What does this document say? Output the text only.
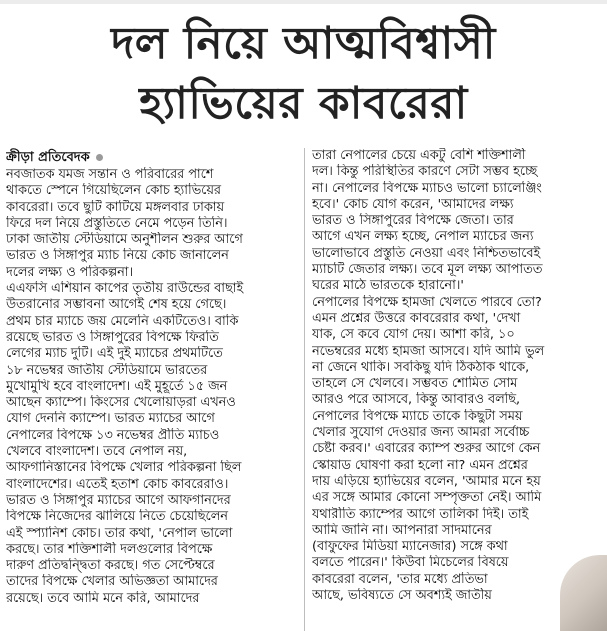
দল নিয়ে আত্মবিশ্বাসী
হ্যাভিয়ের কাবরেরা
ক্রীড়া প্রতিবেদক
নবজাতক যমজ সন্তান ও পরিবারের পাশে
থাকতে স্পেনে গিয়েছিলেন কোচ হ্যাভিয়ের
কাবরেরা। তবে ছুটি কাটিয়ে মঙ্গলবার ঢাকায়
ফিরে দল নিয়ে প্রস্তুতিতে নেমে পড়েন তিনি।
ঢাকা জাতীয় স্টেডিয়ামে অনুশীলন শুরুর আগে
ভারত ও সিঙ্গাপুর ম্যাচ নিয়ে কোচ জানালেন
দলের লক্ষ্য ও পরিকল্পনা।
এএফসি এশিয়ান কাপের তৃতীয় রাউন্ডের বাছাই
উতরানোর সম্ভাবনা আগেই শেষ হয়ে গেছে।
প্রথম চার ম্যাচে জয় মেলেনি একটিতেও। বাকি
রয়েছে ভারত ও সিঙ্গাপুরের বিপক্ষে ফিরতি
লেগের ম্যাচ দুটি। এই দুই ম্যাচের প্রথমটিতে
১৮ নভেম্বর জাতীয় স্টেডিয়ামে ভারতের
মুখোমুখি হবে বাংলাদেশ। এই মুহূর্তে ১৫ জন
আছেন ক্যাম্পে। কিংসের খেলোয়াড়রা এখনও
যোগ দেননি ক্যাম্পে। ভারত ম্যাচের আগে
নেপালের বিপক্ষে ১৩ নভেম্বর প্রীতি ম্যাচও
খেলবে বাংলাদেশ। তবে নেপাল নয়,
আফগানিস্তানের বিপক্ষে খেলার পরিকল্পনা ছিল
বাংলাদেশের। এতেই হতাশ কোচ কাবরেরাও।
ভারত ও সিঙ্গাপুর ম্যাচের আগে আফগানদের
বিপক্ষে নিজেদের ঝালিয়ে নিতে চেয়েছিলেন
এই স্প্যানিশ কোচ। তার কথা, 'নেপাল ভালো
করছে। তার শক্তিশালী দলগুলোর বিপক্ষে
দারুণ প্রতিদ্বন্দ্বিতা করছে। গত সেপ্টেম্বরে
তাদের বিপক্ষে খেলার অভিজ্ঞতা আমাদের
রয়েছে। তবে আমি মনে করি, আমাদের
তারা নেপালের চেয়ে একটু বেশি শক্তিশালী
দল। কিন্তু পরিস্থিতির কারণে সেটা সম্ভব হচ্ছে
না। নেপালের বিপক্ষে ম্যাচও ভালো চ্যালেঞ্জিং
হবে।' কোচ যোগ করেন, 'আমাদের লক্ষ্য
ভারত ও সিঙ্গাপুরের বিপক্ষে জেতা। তার
আগে এখন লক্ষ্য হচ্ছে, নেপাল ম্যাচের জন্য
ভালোভাবে প্রস্তুতি নেওয়া এবং নিশ্চিতভাবেই
ম্যাচটি জেতার লক্ষ্য। তবে মূল লক্ষ্য আপাতত
ঘরের মাঠে ভারতকে হারানো।'
নেপালের বিপক্ষে হামজা খেলতে পারবে তো?
এমন প্রশ্নের উত্তরে কাবরেরার কথা, 'দেখা
যাক, সে কবে যোগ দেয়। আশা করি, ১০
নভেম্বরের মধ্যে হামজা আসবে। যদি আমি ভুল
না জেনে থাকি। সবকিছু যদি ঠিকঠাক থাকে,
তাহলে সে খেলবে। সম্ভবত শোমিত সোম
আরও পরে আসবে, কিন্তু আবারও বলছি,
নেপালের বিপক্ষে ম্যাচে তাকে কিছুটা সময়
খেলার সুযোগ দেওয়ার জন্য আমরা সর্বোচ্চ
চেষ্টা করব।' এবারের ক্যাম্প শুরুর আগে কেন
স্কোয়াড ঘোষণা করা হলো না? এমন প্রশ্নের
দায় এড়িয়ে হ্যাভিয়ের বলেন, 'আমার মনে হয়
এর সঙ্গে আমার কোনো সম্পৃক্ততা নেই। আমি
যথারীতি ক্যাম্পের আগে তালিকা দিই। তাই
আমি জানি না। আপনারা সাদমানের
(বাফুফের মিডিয়া ম্যানেজার) সঙ্গে কথা
বলতে পারেন।' কিউবা মিচেলের বিষয়ে
কাবরেরা বলেন, 'তার মধ্যে প্রতিভা
আছে, ভবিষ্যতে সে অবশ্যই জাতীয়
